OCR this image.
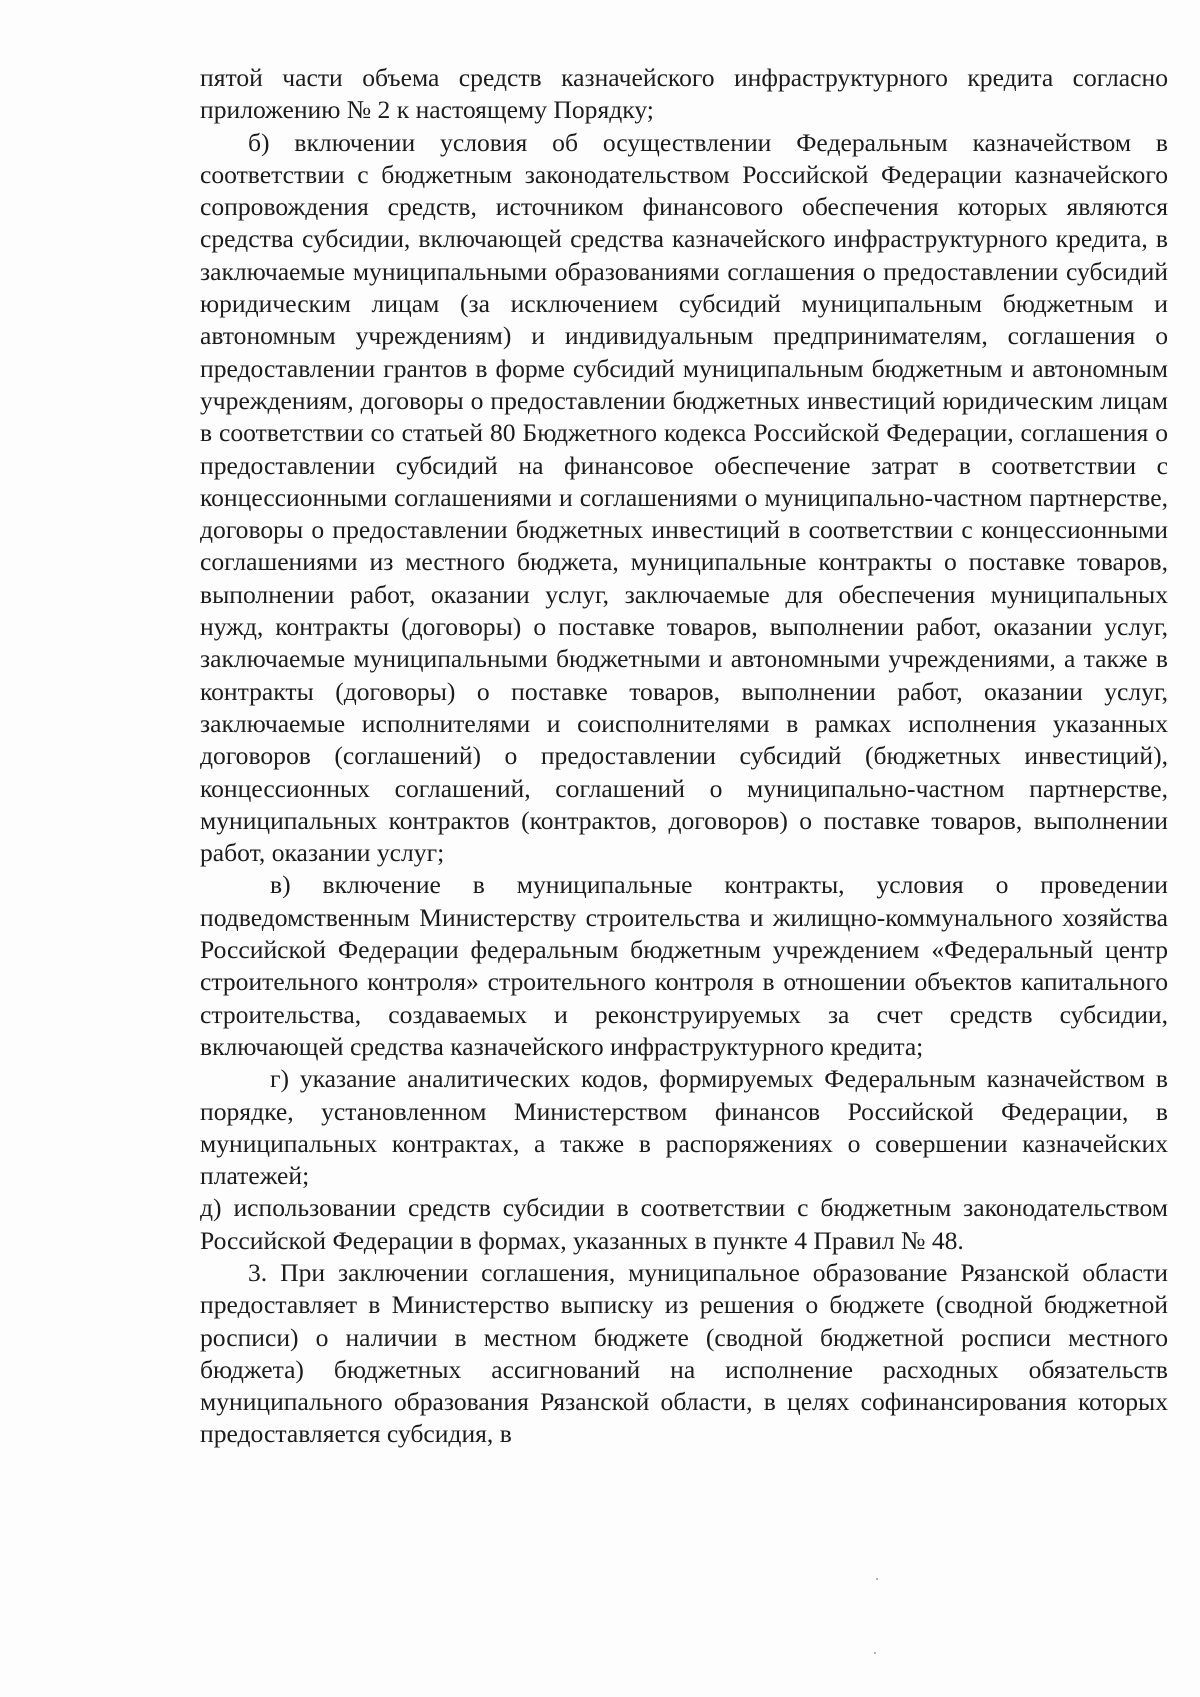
пятой части объема средств казначейского инфраструктурного кредита согласно приложению № 2 к настоящему Порядку;

б) включении условия об осуществлении Федеральным казначейством в соответствии с бюджетным законодательством Российской Федерации казначейского сопровождения средств, источником финансового обеспечения которых являются средства субсидии, включающей средства казначейского инфраструктурного кредита, в заключаемые муниципальными образованиями соглашения о предоставлении субсидий юридическим лицам (за исключением субсидий муниципальным бюджетным и автономным учреждениям) и индивидуальным предпринимателям, соглашения о предоставлении грантов в форме субсидий муниципальным бюджетным и автономным учреждениям, договоры о предоставлении бюджетных инвестиций юридическим лицам в соответствии со статьей 80 Бюджетного кодекса Российской Федерации, соглашения о предоставлении субсидий на финансовое обеспечение затрат в соответствии с концессионными соглашениями и соглашениями о муниципально-частном партнерстве, договоры о предоставлении бюджетных инвестиций в соответствии с концессионными соглашениями из местного бюджета, муниципальные контракты о поставке товаров, выполнении работ, оказании услуг, заключаемые для обеспечения муниципальных нужд, контракты (договоры) о поставке товаров, выполнении работ, оказании услуг, заключаемые муниципальными бюджетными и автономными учреждениями, а также в контракты (договоры) о поставке товаров, выполнении работ, оказании услуг, заключаемые исполнителями и соисполнителями в рамках исполнения указанных договоров (соглашений) о предоставлении субсидий (бюджетных инвестиций), концессионных соглашений, соглашений о муниципально-частном партнерстве, муниципальных контрактов (контрактов, договоров) о поставке товаров, выполнении работ, оказании услуг;

в) включение в муниципальные контракты, условия о проведении подведомственным Министерству строительства и жилищно-коммунального хозяйства Российской Федерации федеральным бюджетным учреждением «Федеральный центр строительного контроля» строительного контроля в отношении объектов капитального строительства, создаваемых и реконструируемых за счет средств субсидии, включающей средства казначейского инфраструктурного кредита;

г) указание аналитических кодов, формируемых Федеральным казначейством в порядке, установленном Министерством финансов Российской Федерации, в муниципальных контрактах, а также в распоряжениях о совершении казначейских платежей;

д) использовании средств субсидии в соответствии с бюджетным законодательством Российской Федерации в формах, указанных в пункте 4 Правил № 48.

3. При заключении соглашения, муниципальное образование Рязанской области предоставляет в Министерство выписку из решения о бюджете (сводной бюджетной росписи) о наличии в местном бюджете (сводной бюджетной росписи местного бюджета) бюджетных ассигнований на исполнение расходных обязательств муниципального образования Рязанской области, в целях софинансирования которых предоставляется субсидия, в
